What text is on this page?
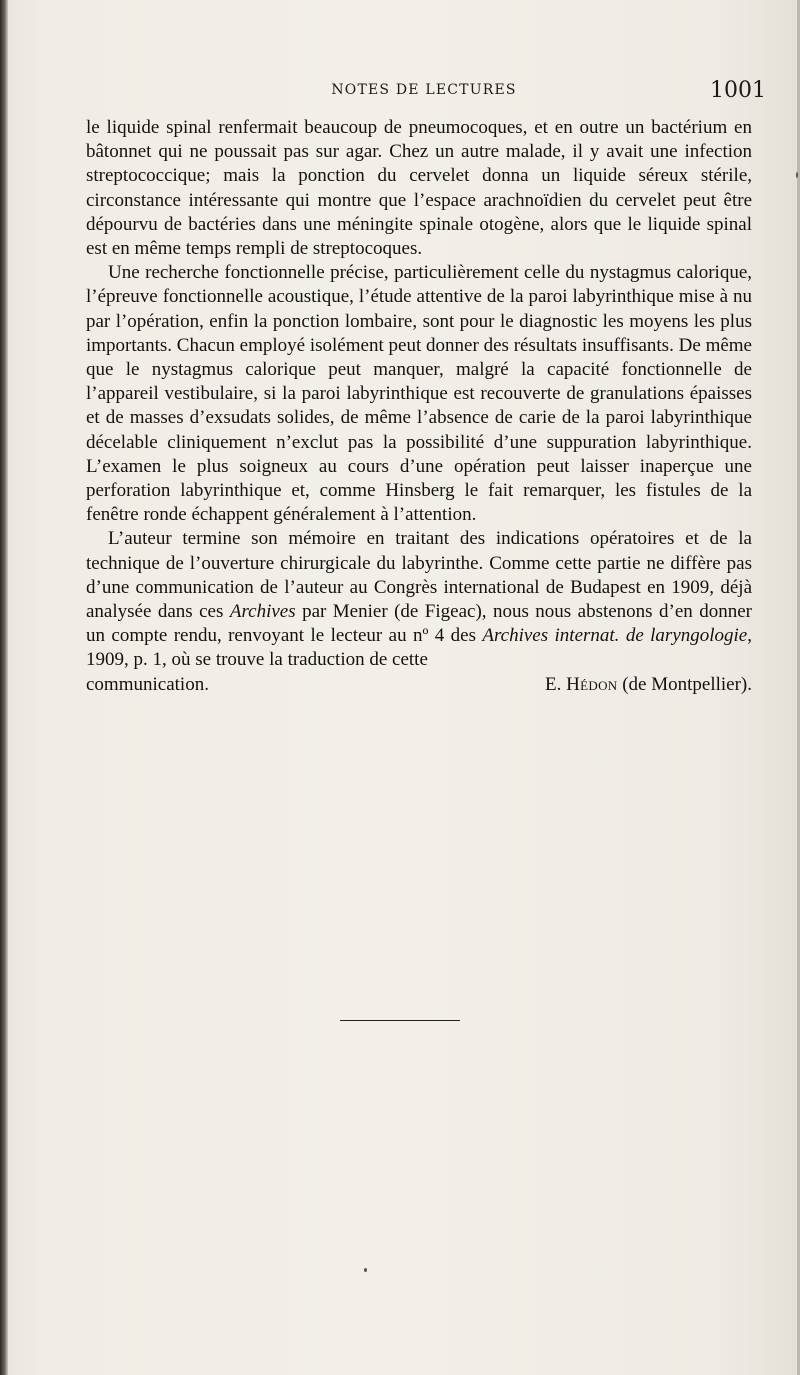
NOTES DE LECTURES	1001

le liquide spinal renfermait beaucoup de pneumocoques, et en outre un bactérium en bâtonnet qui ne poussait pas sur agar. Chez un autre malade, il y avait une infection streptococcique; mais la ponction du cervelet donna un liquide séreux stérile, circonstance intéressante qui montre que l’espace arachnoïdien du cervelet peut être dépourvu de bactéries dans une méningite spinale otogène, alors que le liquide spinal est en même temps rempli de streptocoques.

Une recherche fonctionnelle précise, particulièrement celle du nystagmus calorique, l’épreuve fonctionnelle acoustique, l’étude attentive de la paroi labyrinthique mise à nu par l’opération, enfin la ponction lombaire, sont pour le diagnostic les moyens les plus importants. Chacun employé isolément peut donner des résultats insuffisants. De même que le nystagmus calorique peut manquer, malgré la capacité fonctionnelle de l’appareil vestibulaire, si la paroi labyrinthique est recouverte de granulations épaisses et de masses d’exsudats solides, de même l’absence de carie de la paroi labyrinthique décelable cliniquement n’exclut pas la possibilité d’une suppuration labyrinthique. L’examen le plus soigneux au cours d’une opération peut laisser inaperçue une perforation labyrinthique et, comme Hinsberg le fait remarquer, les fistules de la fenêtre ronde échappent généralement à l’attention.

L’auteur termine son mémoire en traitant des indications opératoires et de la technique de l’ouverture chirurgicale du labyrinthe. Comme cette partie ne diffère pas d’une communication de l’auteur au Congrès international de Budapest en 1909, déjà analysée dans ces Archives par Menier (de Figeac), nous nous abstenons d’en donner un compte rendu, renvoyant le lecteur au nº 4 des Archives internat. de laryngologie, 1909, p. 1, où se trouve la traduction de cette

communication.	E. Hédon (de Montpellier).
